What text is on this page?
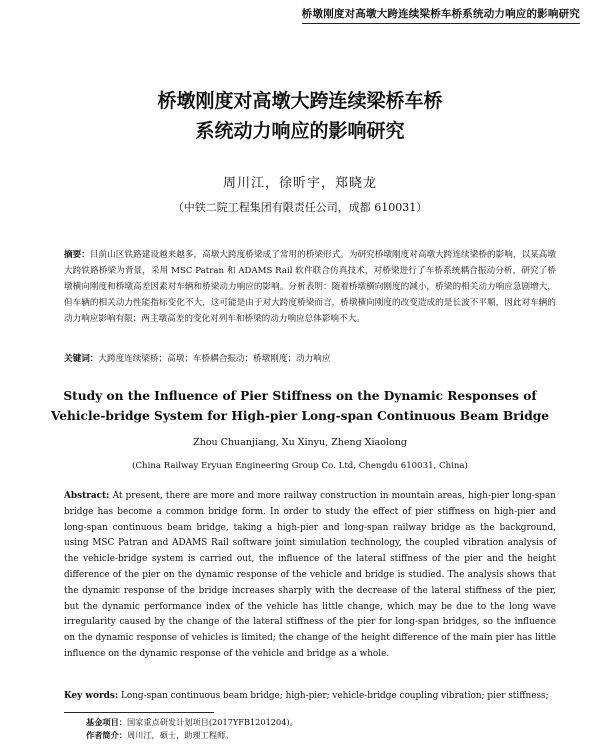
桥墩刚度对高墩大跨连续梁桥车桥系统动力响应的影响研究
桥墩刚度对高墩大跨连续梁桥车桥
系统动力响应的影响研究
周川江，徐昕宇，郑晓龙
（中铁二院工程集团有限责任公司，成都 610031）
摘要：目前山区铁路建设越来越多，高墩大跨度桥梁成了常用的桥梁形式。为研究桥墩刚度对高墩大跨连续梁桥的影响，以某高墩大跨铁路桥梁为背景，采用 MSC Patran 和 ADAMS Rail 软件联合仿真技术，对桥梁进行了车桥系统耦合振动分析，研究了桥墩横向刚度和桥墩高差因素对车辆和桥梁动力响应的影响。分析表明：随着桥墩横向刚度的减小，桥梁的相关动力响应急剧增大，但车辆的相关动力性能指标变化不大，这可能是由于对大跨度桥梁而言，桥墩横向刚度的改变造成的是长波不平顺，因此对车辆的动力响应影响有限；两主墩高差的变化对列车和桥梁的动力响应总体影响不大。
关键词：大跨度连续梁桥；高墩；车桥耦合振动；桥墩刚度；动力响应
Study on the Influence of Pier Stiffness on the Dynamic Responses of
Vehicle-bridge System for High-pier Long-span Continuous Beam Bridge
Zhou Chuanjiang, Xu Xinyu, Zheng Xiaolong
(China Railway Eryuan Engineering Group Co. Ltd, Chengdu 610031, China)
Abstract: At present, there are more and more railway construction in mountain areas, high-pier long-span bridge has become a common bridge form. In order to study the effect of pier stiffness on high-pier and long-span continuous beam bridge, taking a high-pier and long-span railway bridge as the background, using MSC Patran and ADAMS Rail software joint simulation technology, the coupled vibration analysis of the vehicle-bridge system is carried out, the influence of the lateral stiffness of the pier and the height difference of the pier on the dynamic response of the vehicle and bridge is studied. The analysis shows that the dynamic response of the bridge increases sharply with the decrease of the lateral stiffness of the pier, but the dynamic performance index of the vehicle has little change, which may be due to the long wave irregularity caused by the change of the lateral stiffness of the pier for long-span bridges, so the influence on the dynamic response of vehicles is limited; the change of the height difference of the main pier has little influence on the dynamic response of the vehicle and bridge as a whole.
Key words: Long-span continuous beam bridge; high-pier; vehicle-bridge coupling vibration; pier stiffness;
基金项目：国家重点研发计划项目(2017YFB1201204)。
作者简介：周川江，硕士，助理工程师。
